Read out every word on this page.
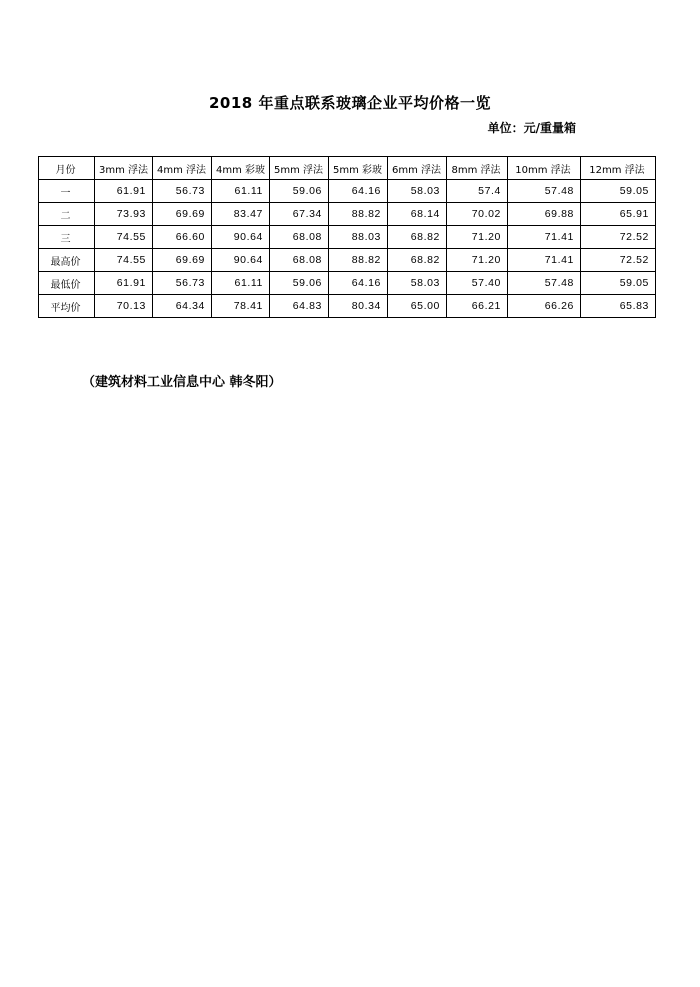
2018 年重点联系玻璃企业平均价格一览
单位：元/重量箱
月份	3mm 浮法	4mm 浮法	4mm 彩玻	5mm 浮法	5mm 彩玻	6mm 浮法	8mm 浮法	10mm 浮法	12mm 浮法
一	61.91	56.73	61.11	59.06	64.16	58.03	57.4	57.48	59.05
二	73.93	69.69	83.47	67.34	88.82	68.14	70.02	69.88	65.91
三	74.55	66.60	90.64	68.08	88.03	68.82	71.20	71.41	72.52
最高价	74.55	69.69	90.64	68.08	88.82	68.82	71.20	71.41	72.52
最低价	61.91	56.73	61.11	59.06	64.16	58.03	57.40	57.48	59.05
平均价	70.13	64.34	78.41	64.83	80.34	65.00	66.21	66.26	65.83
（建筑材料工业信息中心 韩冬阳）
